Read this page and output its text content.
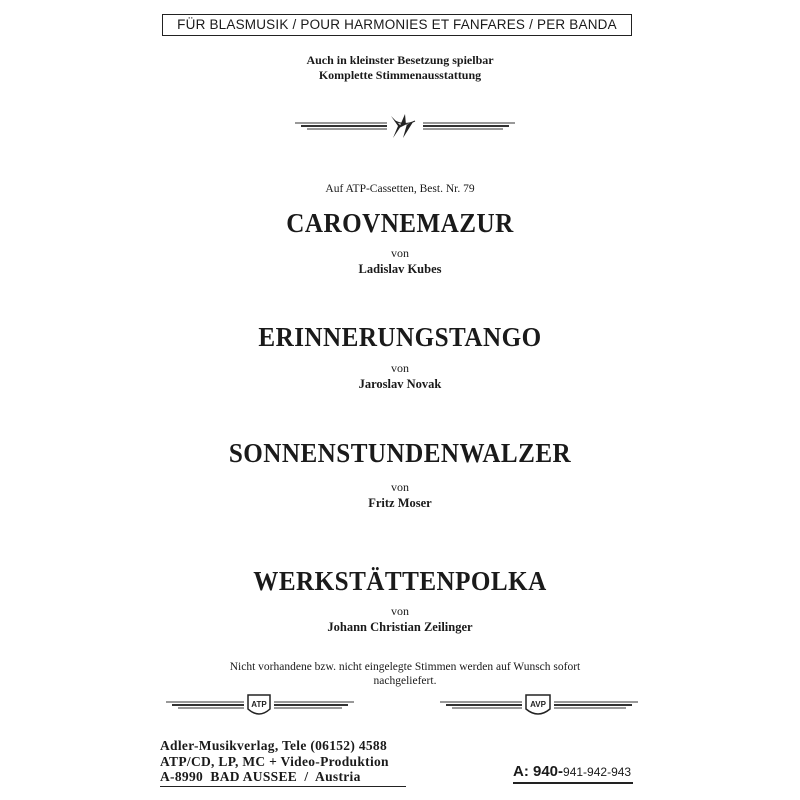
FÜR BLASMUSIK / POUR HARMONIES ET FANFARES / PER BANDA
Auch in kleinster Besetzung spielbar
Komplette Stimmenausstattung
Auf ATP-Cassetten, Best. Nr. 79
CAROVNEMAZUR
von
Ladislav Kubes
ERINNERUNGSTANGO
von
Jaroslav Novak
SONNENSTUNDENWALZER
von
Fritz Moser
WERKSTÄTTENPOLKA
von
Johann Christian Zeilinger
Nicht vorhandene bzw. nicht eingelegte Stimmen werden auf Wunsch sofort
nachgeliefert.
ATP	AVP
Adler-Musikverlag, Tele (06152) 4588
ATP/CD, LP, MC + Video-Produktion
A-8990  BAD AUSSEE  /  Austria	A: 940-941-942-943
